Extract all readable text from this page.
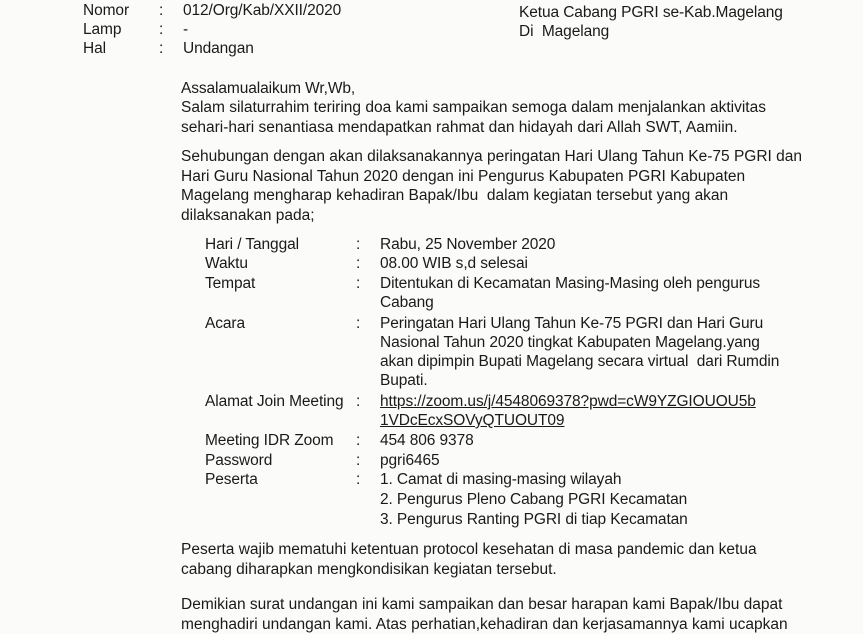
Nomor : 012/Org/Kab/XXII/2020
Lamp : -
Hal	: Undangan
Ketua Cabang PGRI se-Kab.Magelang
Di  Magelang
Assalamualaikum Wr,Wb,
Salam silaturrahim teriring doa kami sampaikan semoga dalam menjalankan aktivitas
sehari-hari senantiasa mendapatkan rahmat dan hidayah dari Allah SWT, Aamiin.
Sehubungan dengan akan dilaksanakannya peringatan Hari Ulang Tahun Ke-75 PGRI dan
Hari Guru Nasional Tahun 2020 dengan ini Pengurus Kabupaten PGRI Kabupaten
Magelang mengharap kehadiran Bapak/Ibu  dalam kegiatan tersebut yang akan
dilaksanakan pada;
Hari / Tanggal	: Rabu, 25 November 2020
Waktu	: 08.00 WIB s,d selesai
Tempat	: Ditentukan di Kecamatan Masing-Masing oleh pengurus
Cabang
Acara	: Peringatan Hari Ulang Tahun Ke-75 PGRI dan Hari Guru
Nasional Tahun 2020 tingkat Kabupaten Magelang.yang
akan dipimpin Bupati Magelang secara virtual  dari Rumdin
Bupati.
Alamat Join Meeting : https://zoom.us/j/4548069378?pwd=cW9YZGIOUOU5b
1VDcEcxSOVyQTUOUT09
Meeting IDR Zoom : 454 806 9378
Password	: pgri6465
Peserta	: 1. Camat di masing-masing wilayah
2. Pengurus Pleno Cabang PGRI Kecamatan
3. Pengurus Ranting PGRI di tiap Kecamatan
Peserta wajib mematuhi ketentuan protocol kesehatan di masa pandemic dan ketua
cabang diharapkan mengkondisikan kegiatan tersebut.
Demikian surat undangan ini kami sampaikan dan besar harapan kami Bapak/Ibu dapat
menghadiri undangan kami. Atas perhatian,kehadiran dan kerjasamannya kami ucapkan
